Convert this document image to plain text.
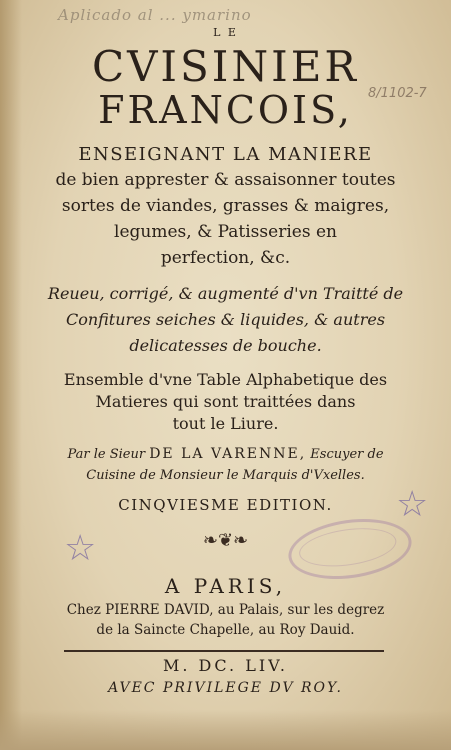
Aplicado al ... ymarino
8/1102-7
L E
CVISINIER
FRANCOIS,
ENSEIGNANT LA MANIERE
de bien apprester & assaisonner toutes
sortes de viandes, grasses & maigres,
legumes, & Patisseries en
perfection, &c.
Reueu, corrigé, & augmenté d'vn Traitté de
Confitures seiches & liquides, & autres
delicatesses de bouche.
Ensemble d'vne Table Alphabetique des
Matieres qui sont traittées dans
tout le Liure.
Par le Sieur DE LA VARENNE, Escuyer de
Cuisine de Monsieur le Marquis d'Vxelles.
CINQVIESME EDITION.
❧❦❧
☆
☆
A PARIS,
Chez PIERRE DAVID, au Palais, sur les degrez
de la Saincte Chapelle, au Roy Dauid.
M. DC. LIV.
AVEC PRIVILEGE DV ROY.
